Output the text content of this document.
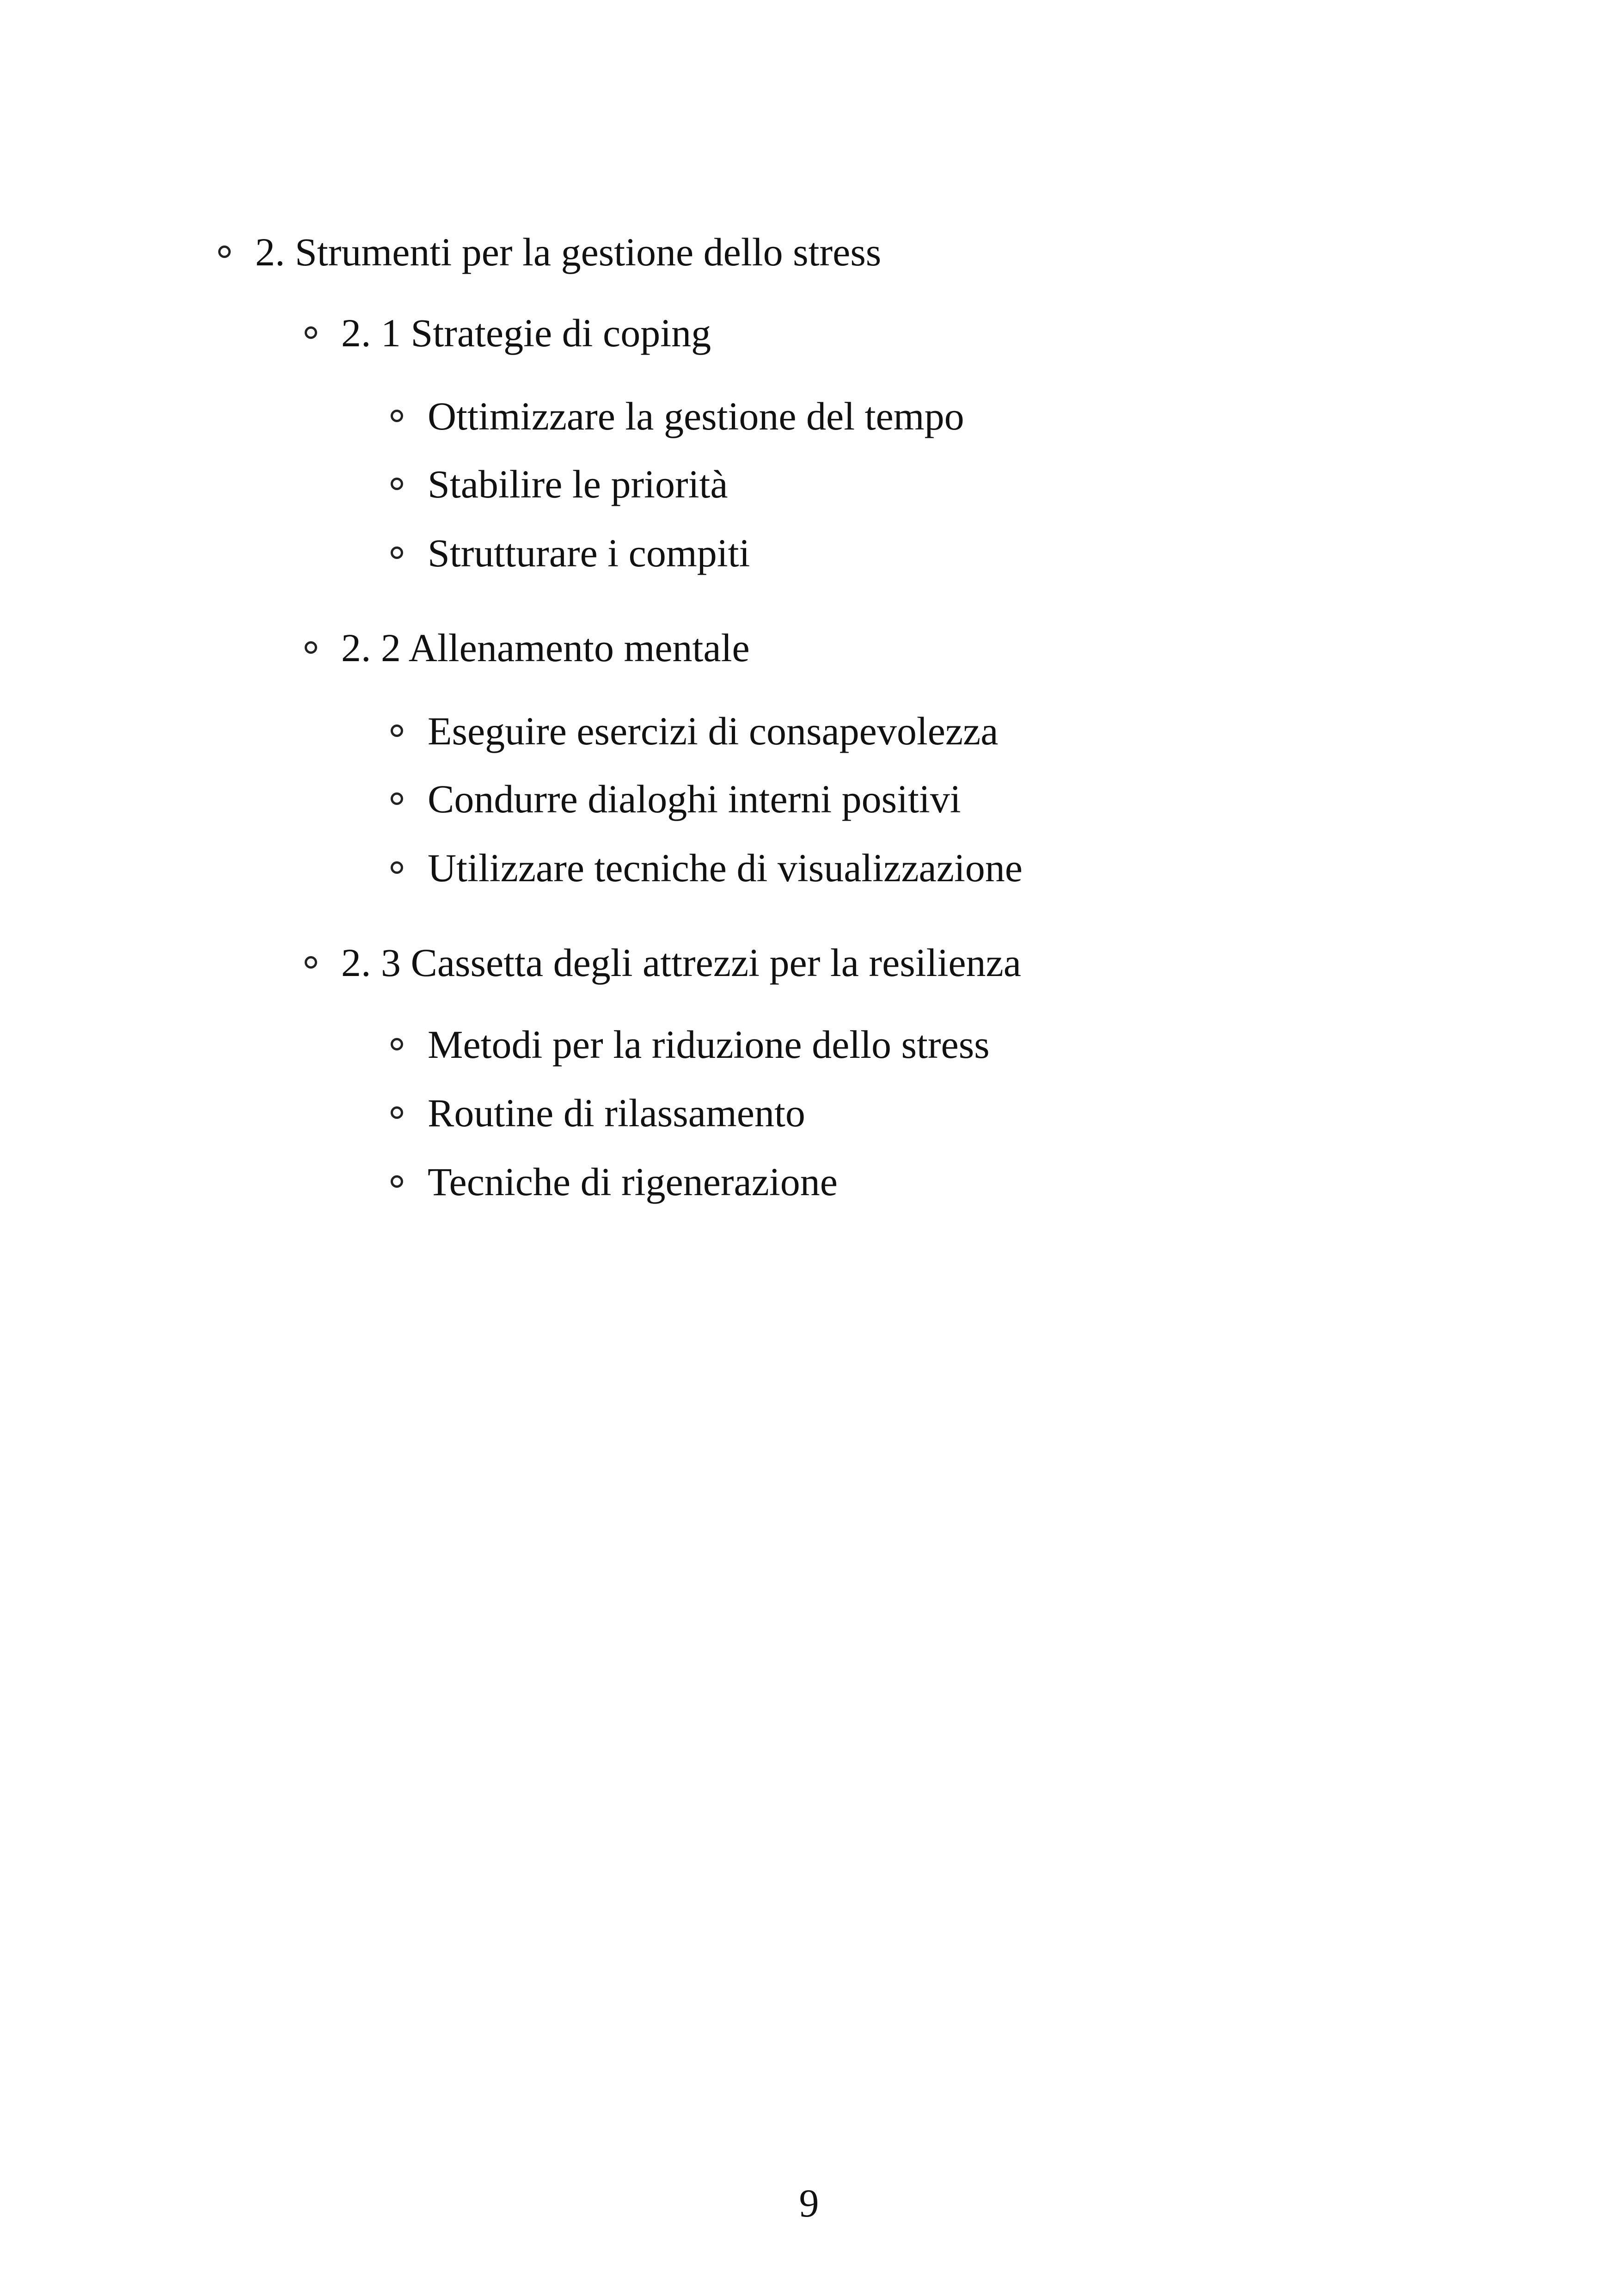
2. Strumenti per la gestione dello stress
2. 1 Strategie di coping
Ottimizzare la gestione del tempo
Stabilire le priorità
Strutturare i compiti
2. 2 Allenamento mentale
Eseguire esercizi di consapevolezza
Condurre dialoghi interni positivi
Utilizzare tecniche di visualizzazione
2. 3 Cassetta degli attrezzi per la resilienza
Metodi per la riduzione dello stress
Routine di rilassamento
Tecniche di rigenerazione
9
